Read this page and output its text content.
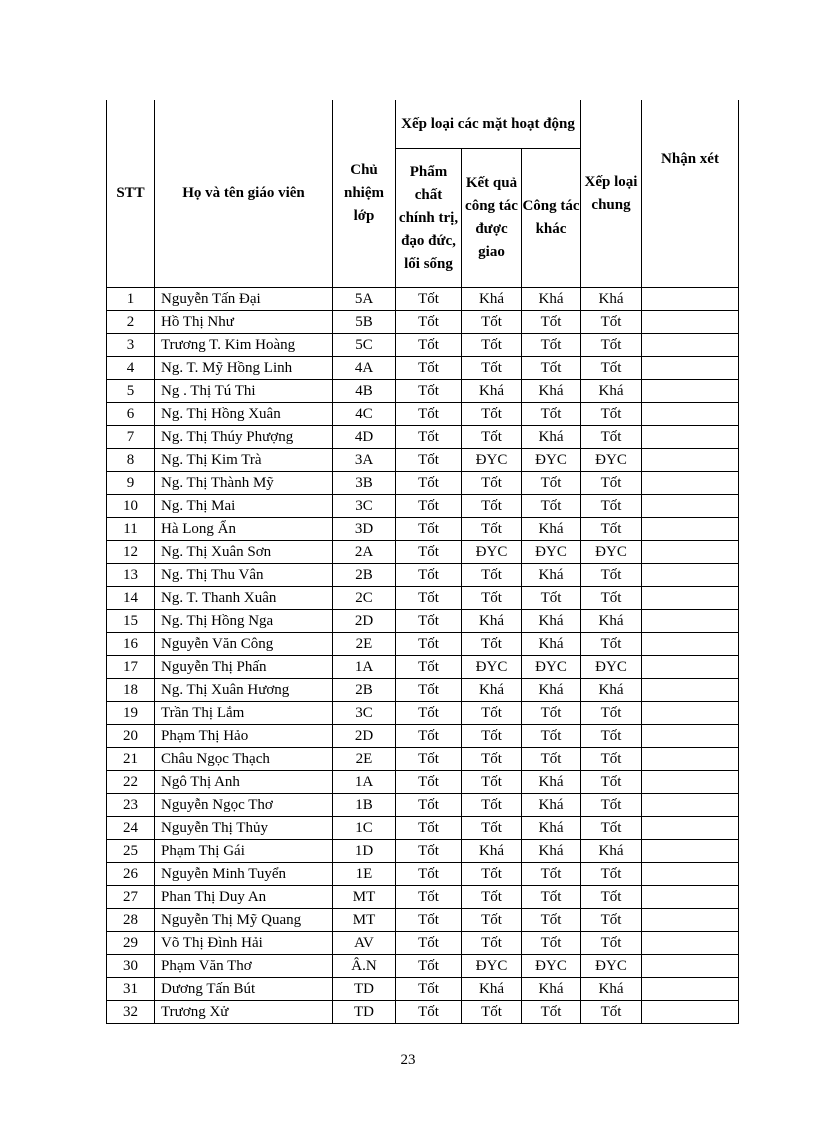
STT	Họ và tên giáo viên	Chủ nhiệm lớp	Xếp loại các mặt hoạt động			Xếp loại chung	Nhận xét
			Phẩm chất chính trị, đạo đức, lối sống	Kết quả công tác được giao	Công tác khác		
1	Nguyễn Tấn Đại	5A	Tốt	Khá	Khá	Khá	
2	Hồ Thị Như	5B	Tốt	Tốt	Tốt	Tốt	
3	Trương T. Kim Hoàng	5C	Tốt	Tốt	Tốt	Tốt	
4	Ng. T. Mỹ Hồng Linh	4A	Tốt	Tốt	Tốt	Tốt	
5	Ng . Thị Tú Thi	4B	Tốt	Khá	Khá	Khá	
6	Ng. Thị Hồng Xuân	4C	Tốt	Tốt	Tốt	Tốt	
7	Ng. Thị Thúy Phượng	4D	Tốt	Tốt	Khá	Tốt	
8	Ng. Thị Kim Trà	3A	Tốt	ĐYC	ĐYC	ĐYC	
9	Ng. Thị Thành Mỹ	3B	Tốt	Tốt	Tốt	Tốt	
10	Ng. Thị Mai	3C	Tốt	Tốt	Tốt	Tốt	
11	Hà Long Ẩn	3D	Tốt	Tốt	Khá	Tốt	
12	Ng. Thị Xuân Sơn	2A	Tốt	ĐYC	ĐYC	ĐYC	
13	Ng. Thị Thu Vân	2B	Tốt	Tốt	Khá	Tốt	
14	Ng. T. Thanh Xuân	2C	Tốt	Tốt	Tốt	Tốt	
15	Ng. Thị Hồng Nga	2D	Tốt	Khá	Khá	Khá	
16	Nguyễn Văn Công	2E	Tốt	Tốt	Khá	Tốt	
17	Nguyễn Thị Phấn	1A	Tốt	ĐYC	ĐYC	ĐYC	
18	Ng. Thị Xuân Hương	2B	Tốt	Khá	Khá	Khá	
19	Trần Thị Lắm	3C	Tốt	Tốt	Tốt	Tốt	
20	Phạm Thị Hảo	2D	Tốt	Tốt	Tốt	Tốt	
21	Châu Ngọc Thạch	2E	Tốt	Tốt	Tốt	Tốt	
22	Ngô Thị Anh	1A	Tốt	Tốt	Khá	Tốt	
23	Nguyễn Ngọc Thơ	1B	Tốt	Tốt	Khá	Tốt	
24	Nguyễn Thị Thủy	1C	Tốt	Tốt	Khá	Tốt	
25	Phạm Thị Gái	1D	Tốt	Khá	Khá	Khá	
26	Nguyễn Minh Tuyển	1E	Tốt	Tốt	Tốt	Tốt	
27	Phan Thị Duy An	MT	Tốt	Tốt	Tốt	Tốt	
28	Nguyễn Thị Mỹ Quang	MT	Tốt	Tốt	Tốt	Tốt	
29	Võ Thị Đình Hải	AV	Tốt	Tốt	Tốt	Tốt	
30	Phạm Văn Thơ	Â.N	Tốt	ĐYC	ĐYC	ĐYC	
31	Dương Tấn Bút	TD	Tốt	Khá	Khá	Khá	
32	Trương Xử	TD	Tốt	Tốt	Tốt	Tốt	
23
